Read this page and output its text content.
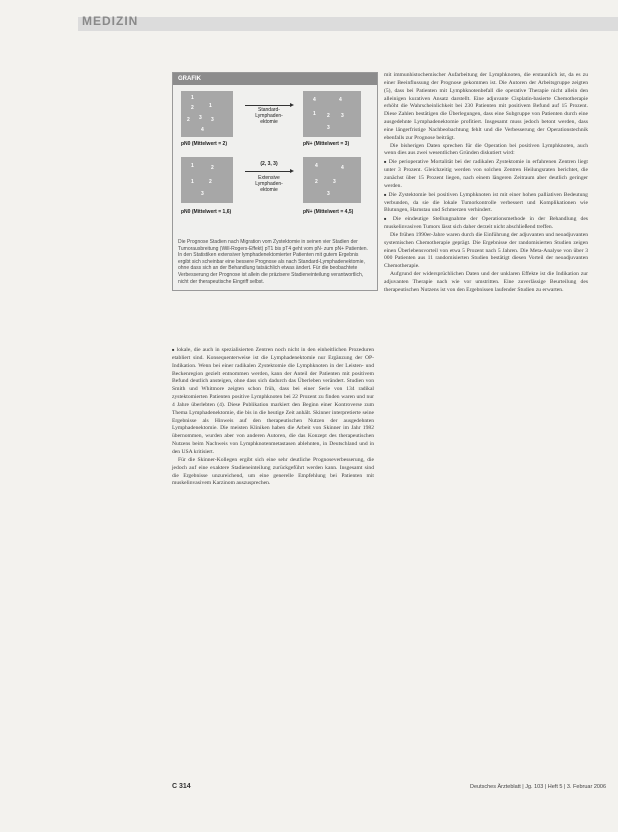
MEDIZIN
GRAFIK
1
2	1
2 3 3
4
Standard-
Lymphaden-
ektomie
4	4
1 2 3
3
pN0 (Mittelwert = 2)	pN+ (Mittelwert = 3)
1	2
1	2
3
(2, 3, 3)
Extensive
Lymphaden-
ektomie
4	4
2	3
3
pN0 (Mittelwert = 1,6)	pN+ (Mittelwert = 4,5)
Die Prognose Stadien nach Migration vom Zystektomie in seinen vier Stadien der Tumorausbreitung (Will-Rogers-Effekt) pT1 bis pT4 geht vom pN- zum pN+ Patienten. In den Statistiken extensiver lymphadenektomierter Patienten mit gutem Ergebnis ergibt sich scheinbar eine bessere Prognose als nach Standard-Lymphadenektomie, ohne dass sich an der Behandlung tatsächlich etwas ändert. Für die beobachtete Verbesserung der Prognose ist allein die präzisere Stadieneinteilung verantwortlich, nicht der therapeutische Eingriff selbst.

■ lokale, die auch in spezialisierten Zentren noch nicht in den einheitlichen Prozeduren etabliert sind. Konsequenterweise ist die Lymphadenektomie nur Ergänzung der OP-Indikation. Wenn bei einer radikalen Zystektomie die Lymphknoten in der Leisten- und Beckenregion gezielt entnommen werden, kann der Anteil der Patienten mit positivem Befund deutlich ansteigen, ohne dass sich dadurch das Überleben verändert. Studien von Smith und Whitmore zeigten schon früh, dass bei einer Serie von 134 radikal zystektomierten Patienten positive Lymphknoten bei 22 Prozent zu finden waren und nur 4 Jahre überlebten (4). Diese Publikation markiert den Beginn einer Kontroverse zum Thema Lymphadenektomie, die bis in die heutige Zeit anhält. Skinner interpretierte seine Ergebnisse als Hinweis auf den therapeutischen Nutzen der ausgedehnten Lymphadenektomie. Die meisten Kliniken haben die Arbeit von Skinner im Jahr 1982 übernommen, wurden aber von anderen Autoren, die das Konzept des therapeutischen Nutzens beim Nachweis von Lymphknotenmetastasen ablehnten, in Deutschland und in den USA kritisiert.

Für die Skinner-Kollegen ergibt sich eine sehr deutliche Prognoseverbesserung, die jedoch auf eine exaktere Stadieneinteilung zurückgeführt werden kann. Insgesamt sind die Ergebnisse unzureichend, um eine generelle Empfehlung bei Patienten mit muskelinvasivem Karzinom auszusprechen.

mit immunhistochemischer Aufarbeitung der Lymphknoten, die erstaunlich ist, da es zu einer Beeinflussung der Prognose gekommen ist. Die Autoren der Arbeitsgruppe zeigten (5), dass bei Patienten mit Lymphknotenbefall die operative Therapie nicht allein den alleinigen kurativen Ansatz darstellt. Eine adjuvante Cisplatin-basierte Chemotherapie erhöht die Wahrscheinlichkeit bei 230 Patienten mit positivem Befund auf 15 Prozent. Diese Zahlen bestätigen die Überlegungen, dass eine Subgruppe von Patienten durch eine ausgedehnte Lymphadenektomie profitiert. Insgesamt muss jedoch betont werden, dass eine längerfristige Nachbeobachtung fehlt und die Verbesserung der Operationstechnik ebenfalls zur Prognose beiträgt.

Die bisherigen Daten sprechen für die Operation bei positiven Lymphknoten, auch wenn dies aus zwei wesentlichen Gründen diskutiert wird:

■ Die perioperative Mortalität bei der radikalen Zystektomie in erfahrenen Zentren liegt unter 3 Prozent. Gleichzeitig werden von solchen Zentren Heilungsraten berichtet, die zunächst über 15 Prozent liegen, nach einem längeren Zeitraum aber deutlich geringer werden.

■ Die Zystektomie bei positiven Lymphknoten ist mit einer hohen palliativen Bedeutung verbunden, da sie die lokale Tumorkontrolle verbessert und Komplikationen wie Blutungen, Harnstau und Schmerzen verhindert.

■ Die eindeutige Stellungnahme der Operationsmethode in der Behandlung des muskelinvasiven Tumors lässt sich daher derzeit nicht abschließend treffen.

Die frühen 1990er-Jahre waren durch die Einführung der adjuvanten und neoadjuvanten systemischen Chemotherapie geprägt. Die Ergebnisse der randomisierten Studien zeigen einen Überlebensvorteil von etwa 5 Prozent nach 5 Jahren. Die Meta-Analyse von über 3 000 Patienten aus 11 randomisierten Studien bestätigt diesen Vorteil der neoadjuvanten Chemotherapie.

Aufgrund der widersprüchlichen Daten und der unklaren Effekte ist die Indikation zur adjuvanten Therapie nach wie vor umstritten. Eine zuverlässige Beurteilung des therapeutischen Nutzens ist von den Ergebnissen laufender Studien zu erwarten.

C 314	Deutsches Ärzteblatt | Jg. 103 | Heft 5 | 3. Februar 2006
